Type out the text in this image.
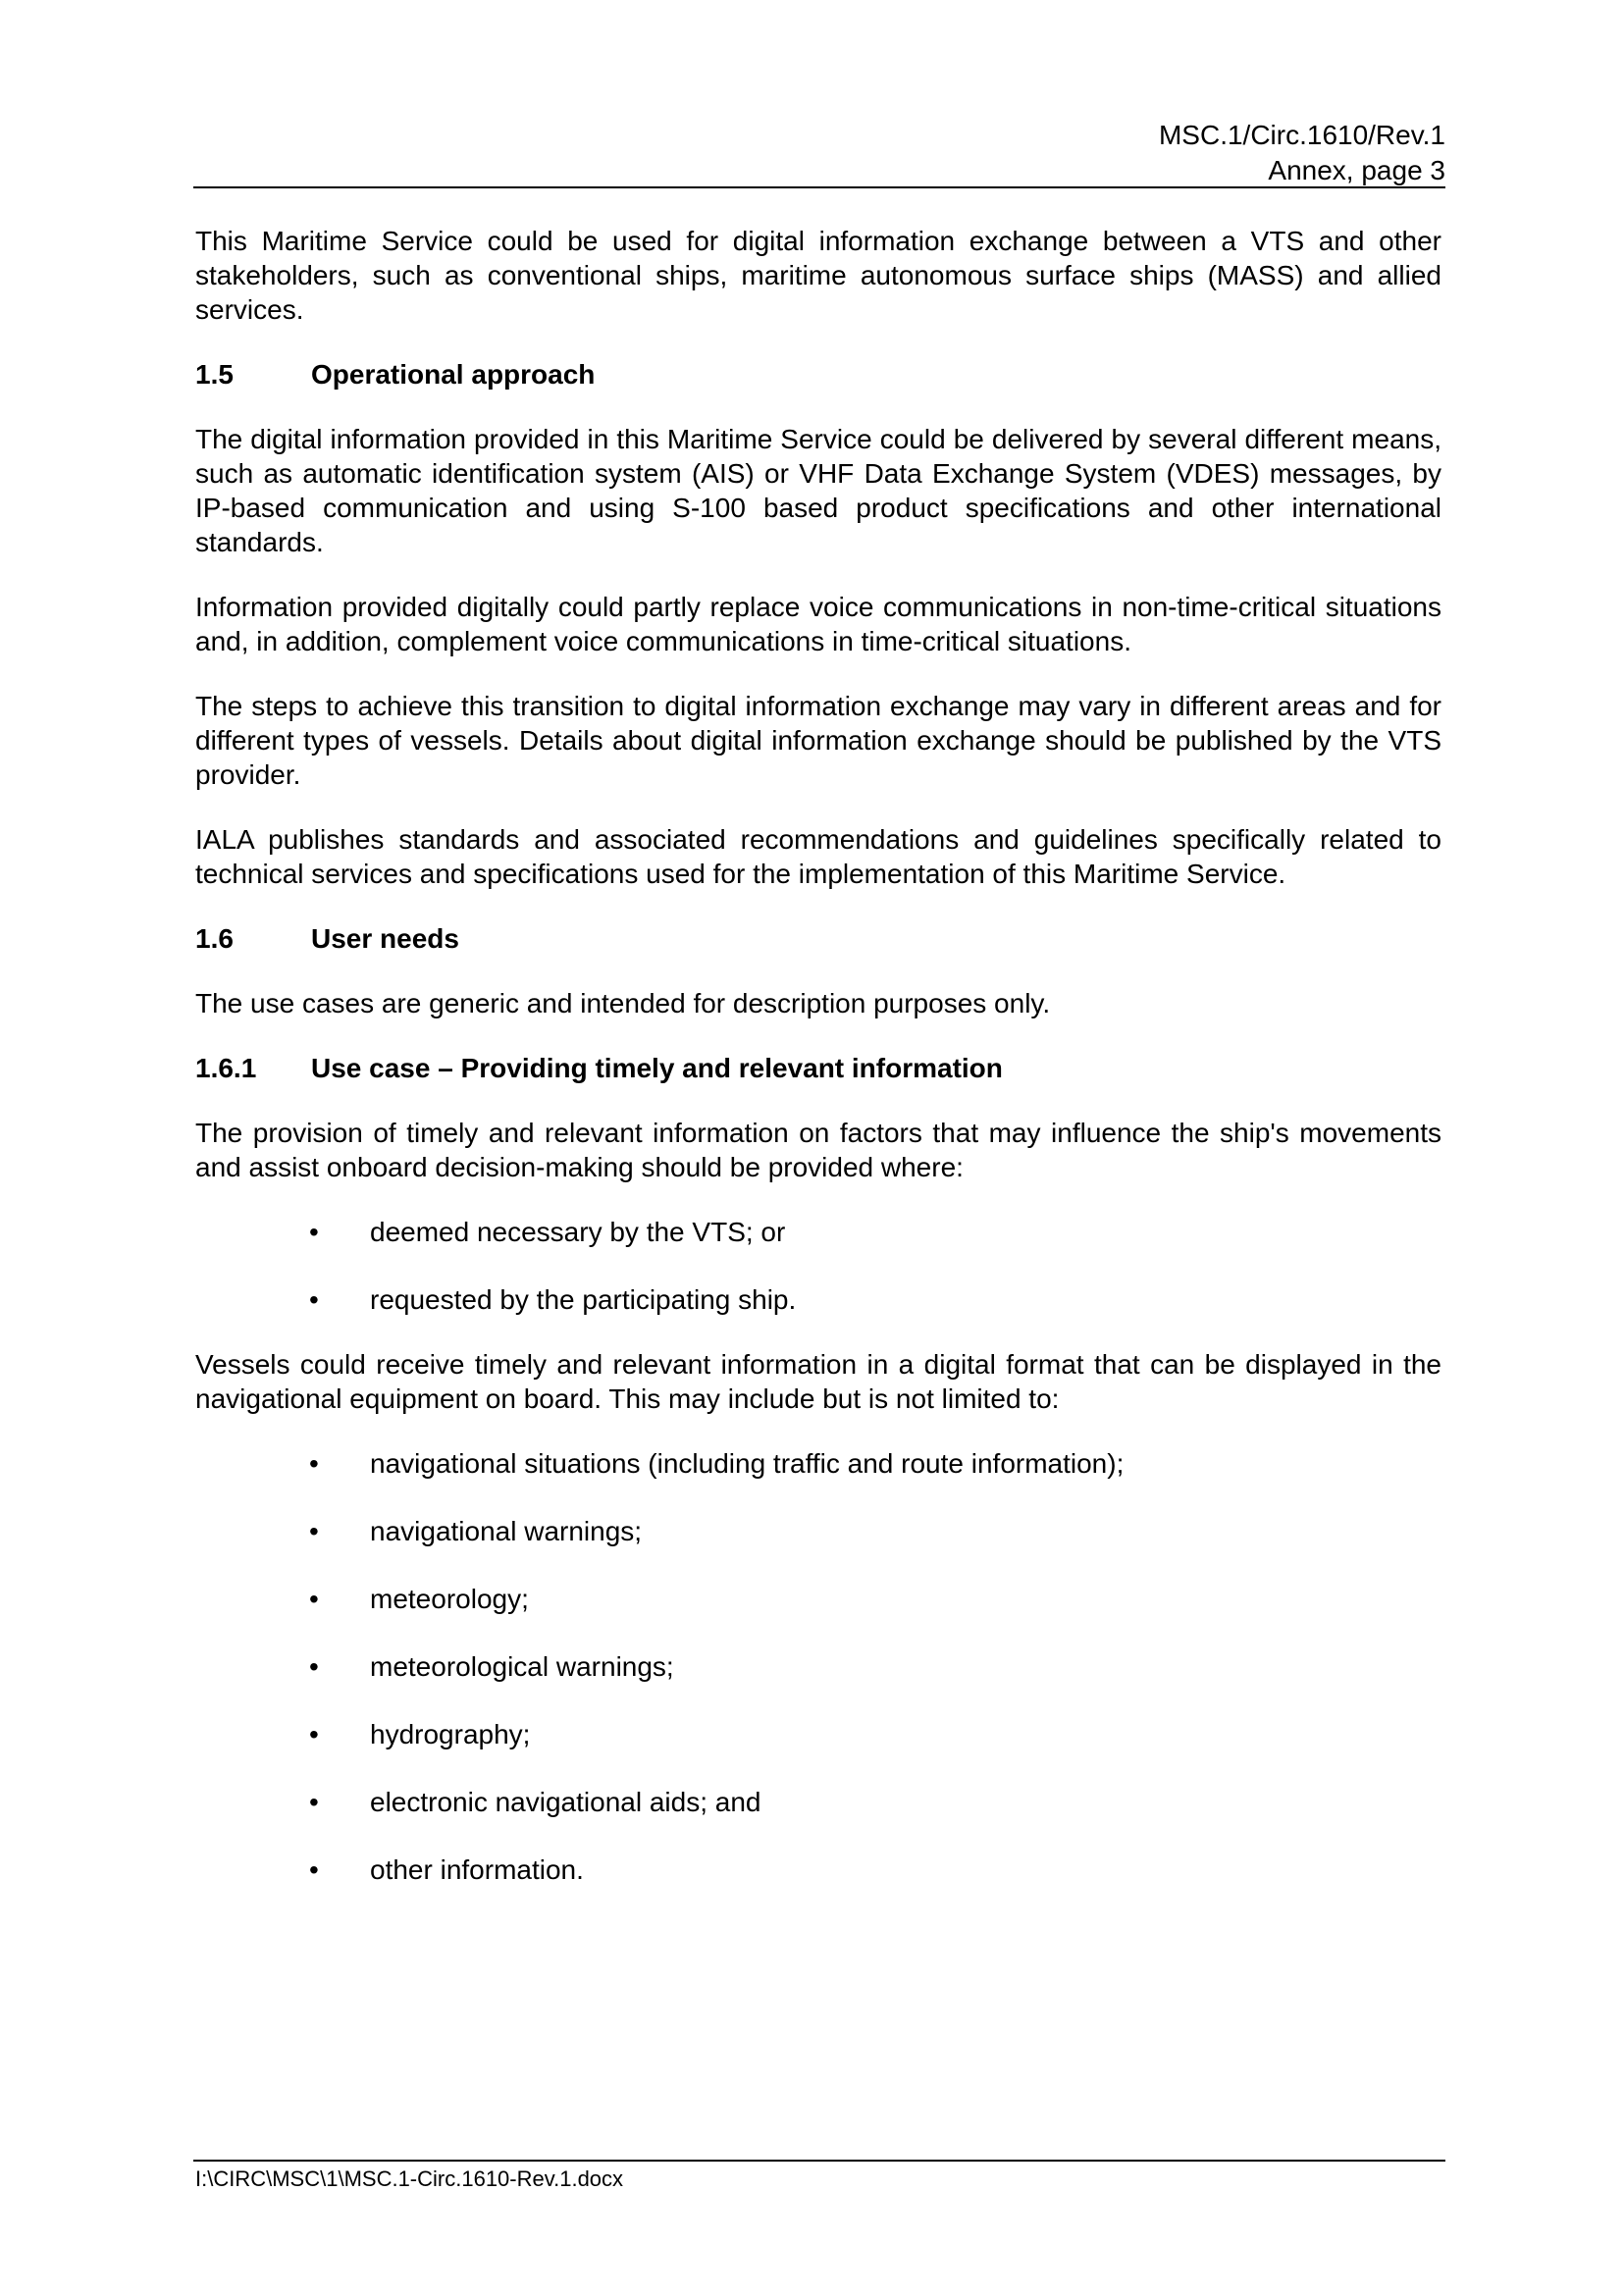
MSC.1/Circ.1610/Rev.1
Annex, page 3

This Maritime Service could be used for digital information exchange between a VTS and other stakeholders, such as conventional ships, maritime autonomous surface ships (MASS) and allied services.

1.5	Operational approach

The digital information provided in this Maritime Service could be delivered by several different means, such as automatic identification system (AIS) or VHF Data Exchange System (VDES) messages, by IP-based communication and using S-100 based product specifications and other international standards.

Information provided digitally could partly replace voice communications in non-time-critical situations and, in addition, complement voice communications in time-critical situations.

The steps to achieve this transition to digital information exchange may vary in different areas and for different types of vessels. Details about digital information exchange should be published by the VTS provider.

IALA publishes standards and associated recommendations and guidelines specifically related to technical services and specifications used for the implementation of this Maritime Service.

1.6	User needs

The use cases are generic and intended for description purposes only.

1.6.1	Use case – Providing timely and relevant information

The provision of timely and relevant information on factors that may influence the ship's movements and assist onboard decision-making should be provided where:

• deemed necessary by the VTS; or
• requested by the participating ship.

Vessels could receive timely and relevant information in a digital format that can be displayed in the navigational equipment on board. This may include but is not limited to:

• navigational situations (including traffic and route information);
• navigational warnings;
• meteorology;
• meteorological warnings;
• hydrography;
• electronic navigational aids; and
• other information.
I:\CIRC\MSC\1\MSC.1-Circ.1610-Rev.1.docx
